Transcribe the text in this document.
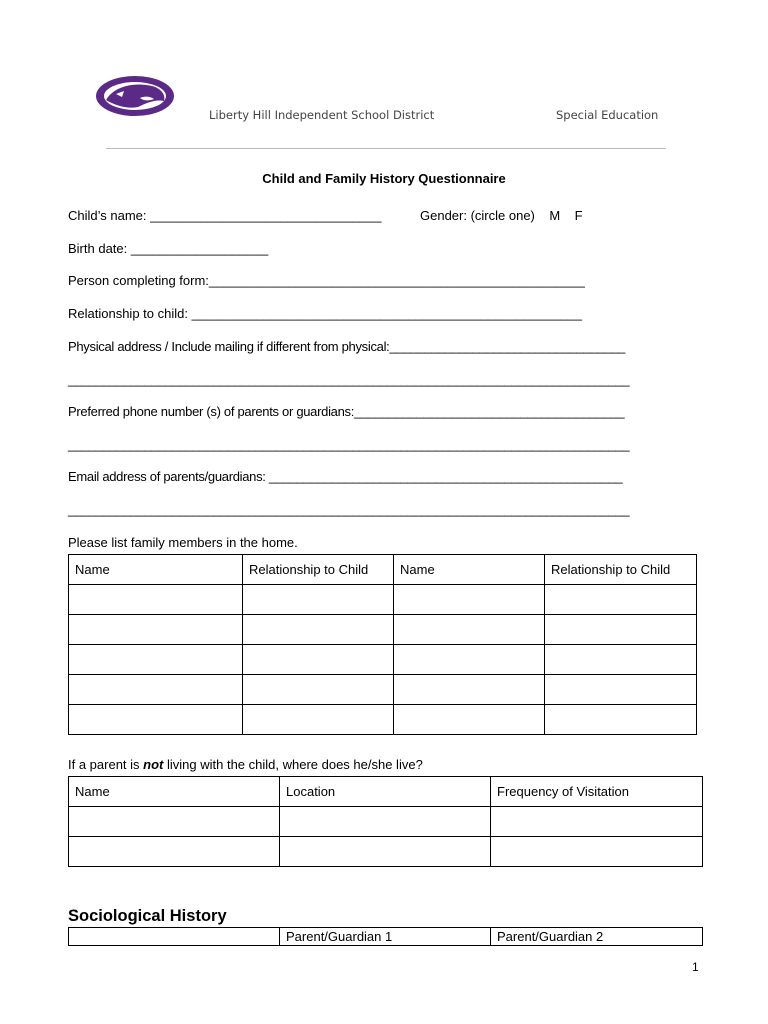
Liberty Hill Independent School District	Special Education
Child and Family History Questionnaire
Child’s name: ________________________________	Gender: (circle one)    M    F
Birth date: ___________________
Person completing form:____________________________________________________
Relationship to child: ______________________________________________________
Physical address / Include mailing if different from physical:__________________________________
_________________________________________________________________________________
Preferred phone number (s) of parents or guardians:_______________________________________
_________________________________________________________________________________
Email address of parents/guardians: ___________________________________________________
_________________________________________________________________________________
Please list family members in the home.
Name	Relationship to Child	Name	Relationship to Child

If a parent is not living with the child, where does he/she live?
Name	Location	Frequency of Visitation

Sociological History
	Parent/Guardian 1	Parent/Guardian 2
1
